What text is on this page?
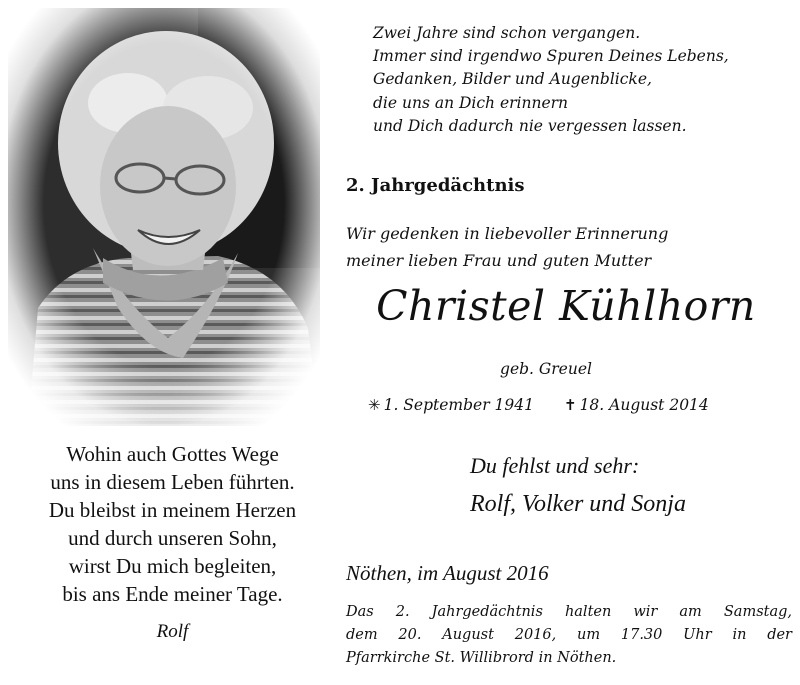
Zwei Jahre sind schon vergangen.
Immer sind irgendwo Spuren Deines Lebens,
Gedanken, Bilder und Augenblicke,
die uns an Dich erinnern
und Dich dadurch nie vergessen lassen.
2. Jahrgedächtnis
Wir gedenken in liebevoller Erinnerung
meiner lieben Frau und guten Mutter
Christel Kühlhorn
geb. Greuel
✳ 1. September 1941 ✝ 18. August 2014
Wohin auch Gottes Wege
uns in diesem Leben führten.
Du bleibst in meinem Herzen
und durch unseren Sohn,
wirst Du mich begleiten,
bis ans Ende meiner Tage.
Rolf
Du fehlst und sehr:
Rolf, Volker und Sonja
Nöthen, im August 2016
Das 2. Jahrgedächtnis halten wir am Samstag,
dem 20. August 2016, um 17.30 Uhr in der
Pfarrkirche St. Willibrord in Nöthen.
